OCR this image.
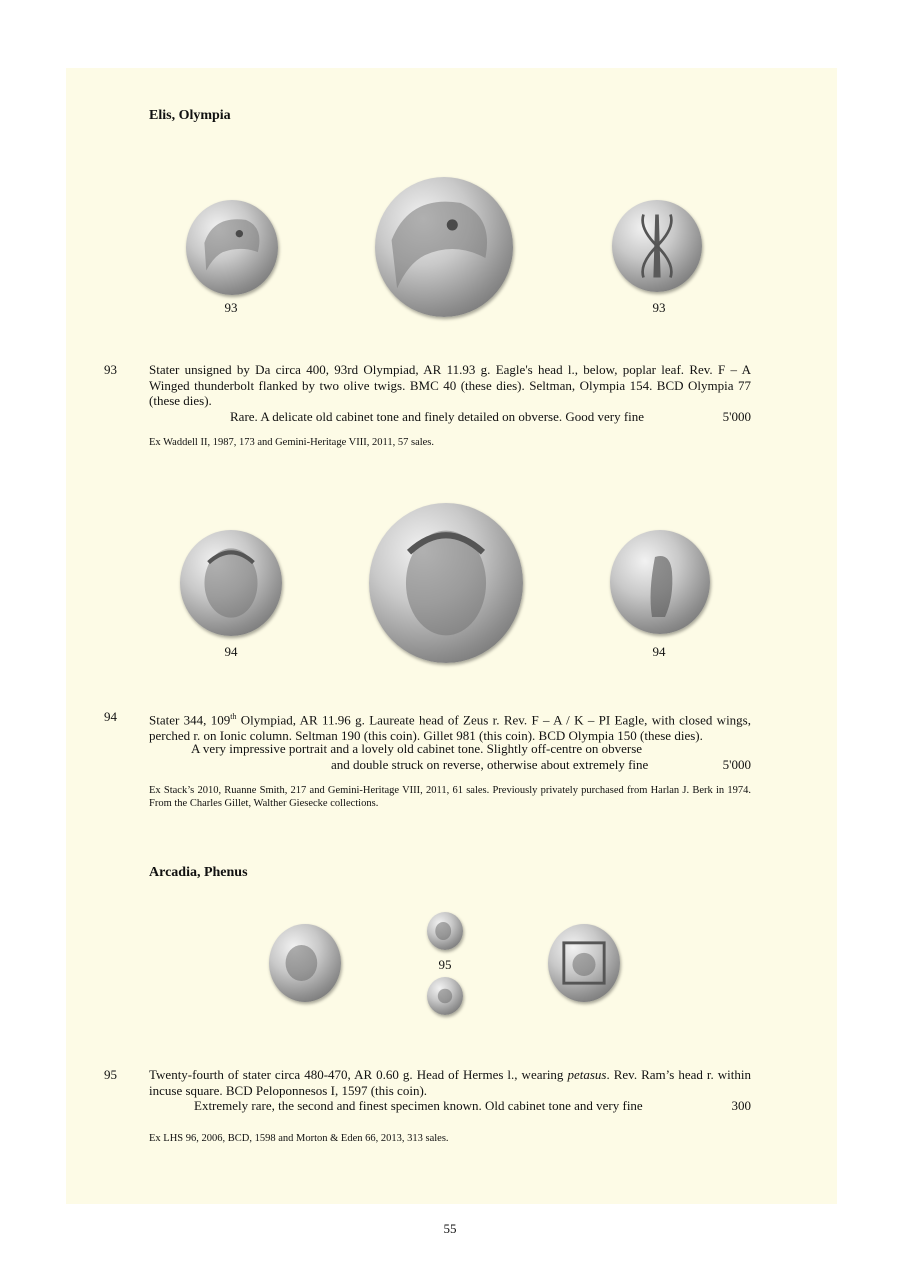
Elis, Olympia
93	93
93 Stater unsigned by Da circa 400, 93rd Olympiad, AR 11.93 g. Eagle's head l., below, poplar leaf. Rev. F – A Winged thunderbolt flanked by two olive twigs. BMC 40 (these dies). Seltman, Olympia 154. BCD Olympia 77 (these dies).
Rare. A delicate old cabinet tone and finely detailed on obverse. Good very fine	5'000
Ex Waddell II, 1987, 173 and Gemini-Heritage VIII, 2011, 57 sales.
94	94
94 Stater 344, 109th Olympiad, AR 11.96 g. Laureate head of Zeus r. Rev. F – A / K – PI Eagle, with closed wings, perched r. on Ionic column. Seltman 190 (this coin). Gillet 981 (this coin). BCD Olympia 150 (these dies).

A very impressive portrait and a lovely old cabinet tone. Slightly off-centre on obverse
and double struck on reverse, otherwise about extremely fine	5'000
Ex Stack’s 2010, Ruanne Smith, 217 and Gemini-Heritage VIII, 2011, 61 sales. Previously privately purchased from Harlan J. Berk in 1974. From the Charles Gillet, Walther Giesecke collections.
Arcadia, Phenus
95
95 Twenty-fourth of stater circa 480-470, AR 0.60 g. Head of Hermes l., wearing petasus. Rev. Ram’s head r. within incuse square. BCD Peloponnesos I, 1597 (this coin).

Extremely rare, the second and finest specimen known. Old cabinet tone and very fine	300
Ex LHS 96, 2006, BCD, 1598 and Morton & Eden 66, 2013, 313 sales.
55
